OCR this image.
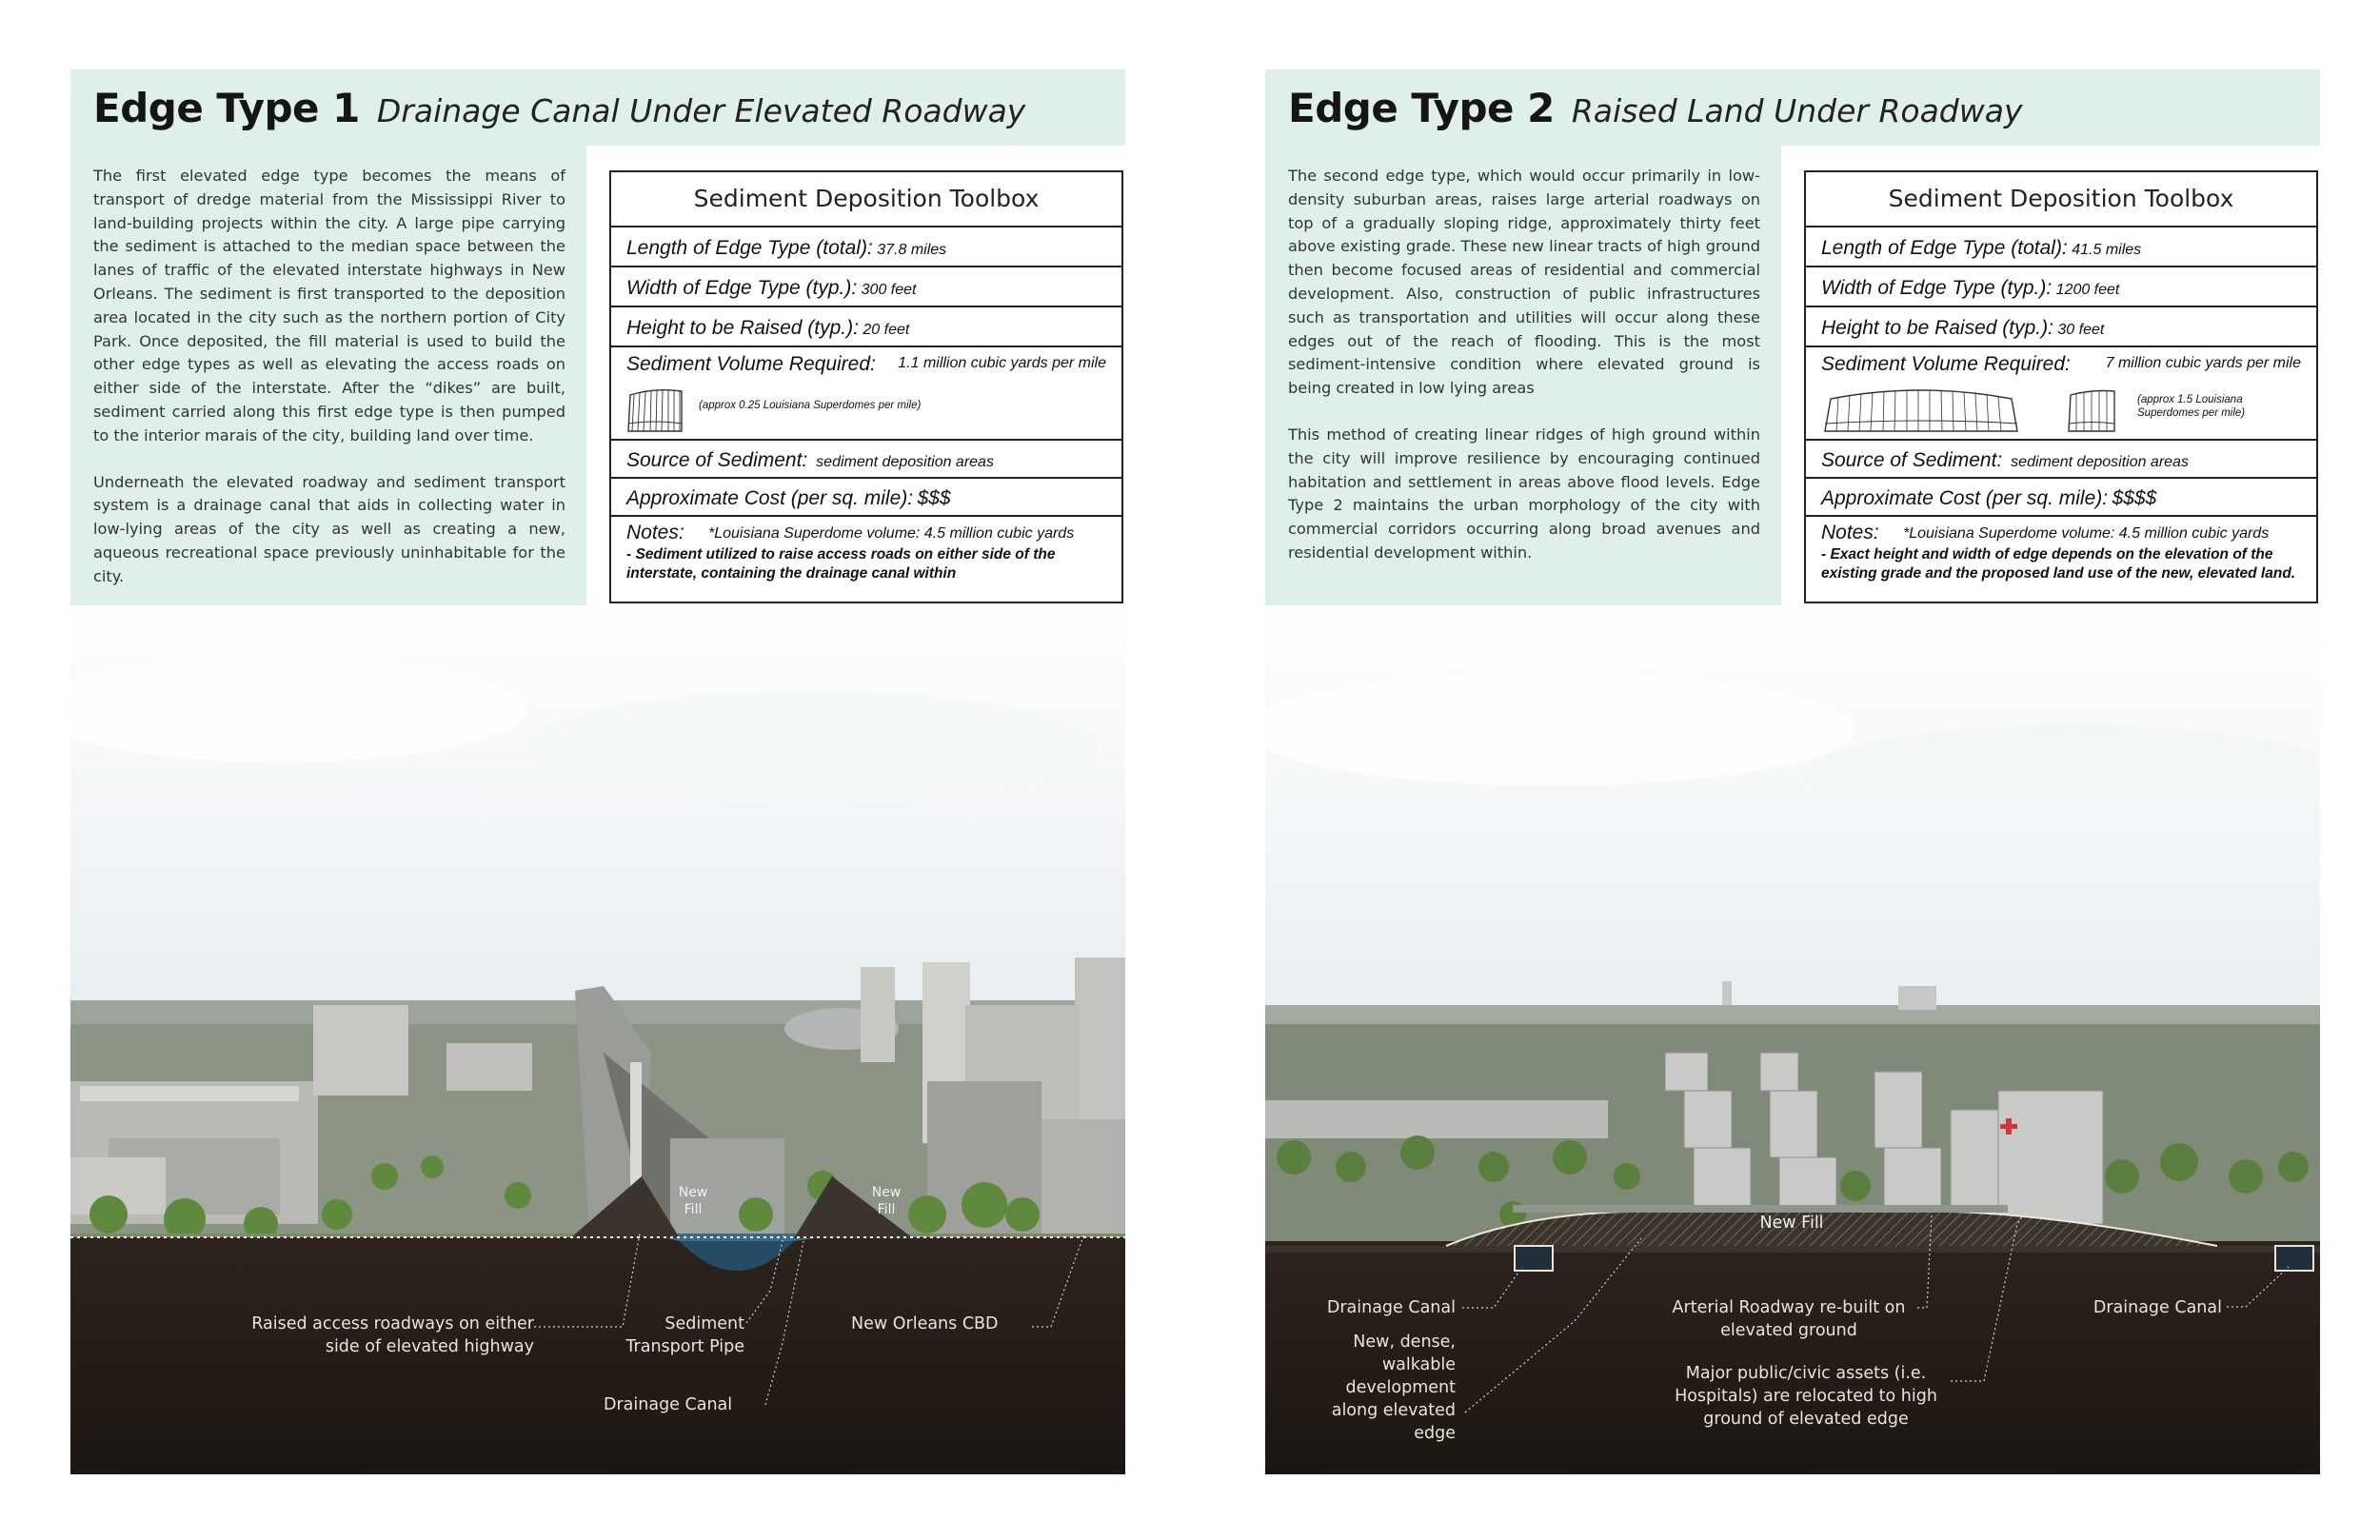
Edge Type 1 Drainage Canal Under Elevated Roadway

The first elevated edge type becomes the means of transport of dredge material from the Mississippi River to land-building projects within the city. A large pipe carrying the sediment is attached to the median space between the lanes of traffic of the elevated interstate highways in New Orleans. The sediment is first transported to the deposition area located in the city such as the northern portion of City Park. Once deposited, the fill material is used to build the other edge types as well as elevating the access roads on either side of the interstate. After the “dikes” are built, sediment carried along this first edge type is then pumped to the interior marais of the city, building land over time.

Underneath the elevated roadway and sediment transport system is a drainage canal that aids in collecting water in low-lying areas of the city as well as creating a new, aqueous recreational space previously uninhabitable for the city.

Sediment Deposition Toolbox
Length of Edge Type (total): 37.8 miles
Width of Edge Type (typ.): 300 feet
Height to be Raised (typ.): 20 feet
Sediment Volume Required: 1.1 million cubic yards per mile
(approx 0.25 Louisiana Superdomes per mile)
Source of Sediment: sediment deposition areas
Approximate Cost (per sq. mile): $$$
Notes: *Louisiana Superdome volume: 4.5 million cubic yards
- Sediment utilized to raise access roads on either side of the interstate, containing the drainage canal within
New Fill
New Fill
Raised access roadways on either side of elevated highway
Sediment Transport Pipe
New Orleans CBD
Drainage Canal
Edge Type 2 Raised Land Under Roadway

The second edge type, which would occur primarily in low-density suburban areas, raises large arterial roadways on top of a gradually sloping ridge, approximately thirty feet above existing grade. These new linear tracts of high ground then become focused areas of residential and commercial development. Also, construction of public infrastructures such as transportation and utilities will occur along these edges out of the reach of flooding. This is the most sediment-intensive condition where elevated ground is being created in low lying areas

This method of creating linear ridges of high ground within the city will improve resilience by encouraging continued habitation and settlement in areas above flood levels. Edge Type 2 maintains the urban morphology of the city with commercial corridors occurring along broad avenues and residential development within.

Sediment Deposition Toolbox
Length of Edge Type (total): 41.5 miles
Width of Edge Type (typ.): 1200 feet
Height to be Raised (typ.): 30 feet
Sediment Volume Required: 7 million cubic yards per mile
(approx 1.5 Louisiana Superdomes per mile)
Source of Sediment: sediment deposition areas
Approximate Cost (per sq. mile): $$$$
Notes: *Louisiana Superdome volume: 4.5 million cubic yards
- Exact height and width of edge depends on the elevation of the existing grade and the proposed land use of the new, elevated land.
New Fill
Drainage Canal
New, dense, walkable development along elevated edge
Arterial Roadway re-built on elevated ground
Major public/civic assets (i.e. Hospitals) are relocated to high ground of elevated edge
Drainage Canal
